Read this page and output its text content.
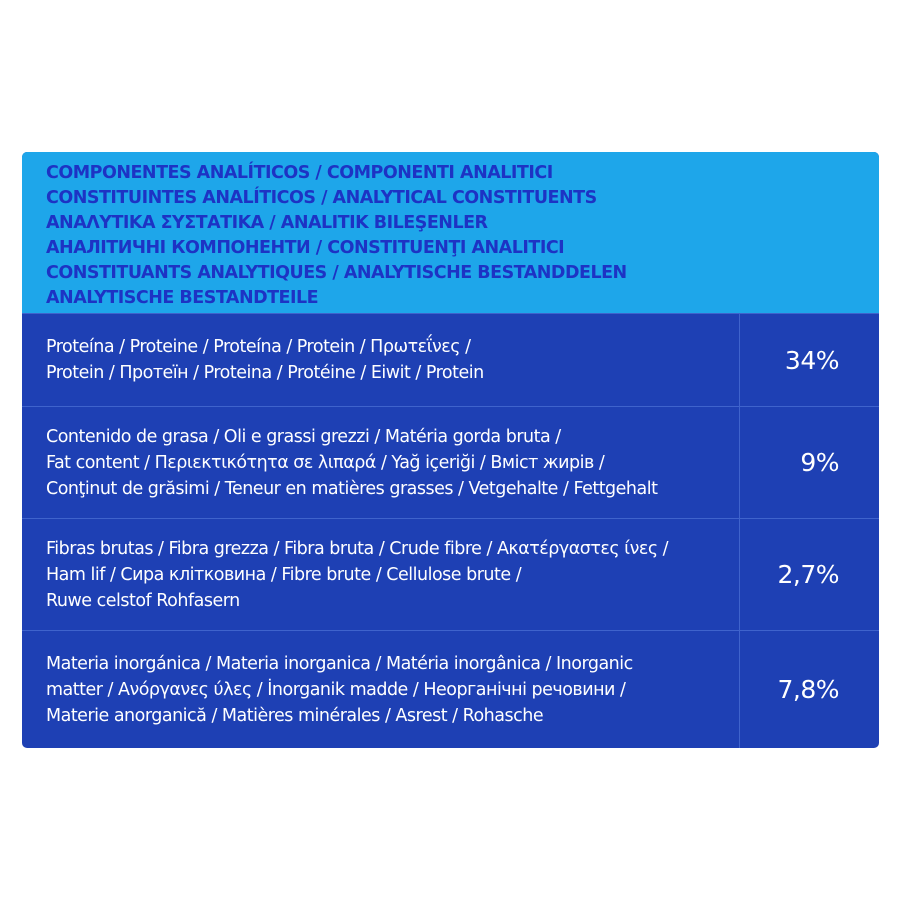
COMPONENTES ANALÍTICOS / COMPONENTI ANALITICI
CONSTITUINTES ANALÍTICOS / ANALYTICAL CONSTITUENTS
ΑΝΑΛΥΤΙΚΑ ΣΥΣΤΑΤΙΚΑ / ANALITIK BILEŞENLER
АНАЛІТИЧНІ КОМПОНЕНТИ / CONSTITUENŢI ANALITICI
CONSTITUANTS ANALYTIQUES / ANALYTISCHE BESTANDDELEN
ANALYTISCHE BESTANDTEILE
Proteína / Proteine / Proteína / Protein / Πρωτεΐνες /
Protein / Протеїн / Proteina / Protéine / Eiwit / Protein	34%
Contenido de grasa / Oli e grassi grezzi / Matéria gorda bruta /
Fat content / Περιεκτικότητα σε λιπαρά / Yağ içeriği / Вміст жирів /
Conţinut de grăsimi / Teneur en matières grasses / Vetgehalte / Fettgehalt
9%
Fibras brutas / Fibra grezza / Fibra bruta / Crude fibre / Ακατέργαστες ίνες /
Ham lif / Сира клітковина / Fibre brute / Cellulose brute /
Ruwe celstof Rohfasern
2,7%
Materia inorgánica / Materia inorganica / Matéria inorgânica / Inorganic
matter / Ανόργανες ύλες / İnorganik madde / Неорганічні речовини /
Materie anorganică / Matières minérales / Asrest / Rohasche
7,8%
